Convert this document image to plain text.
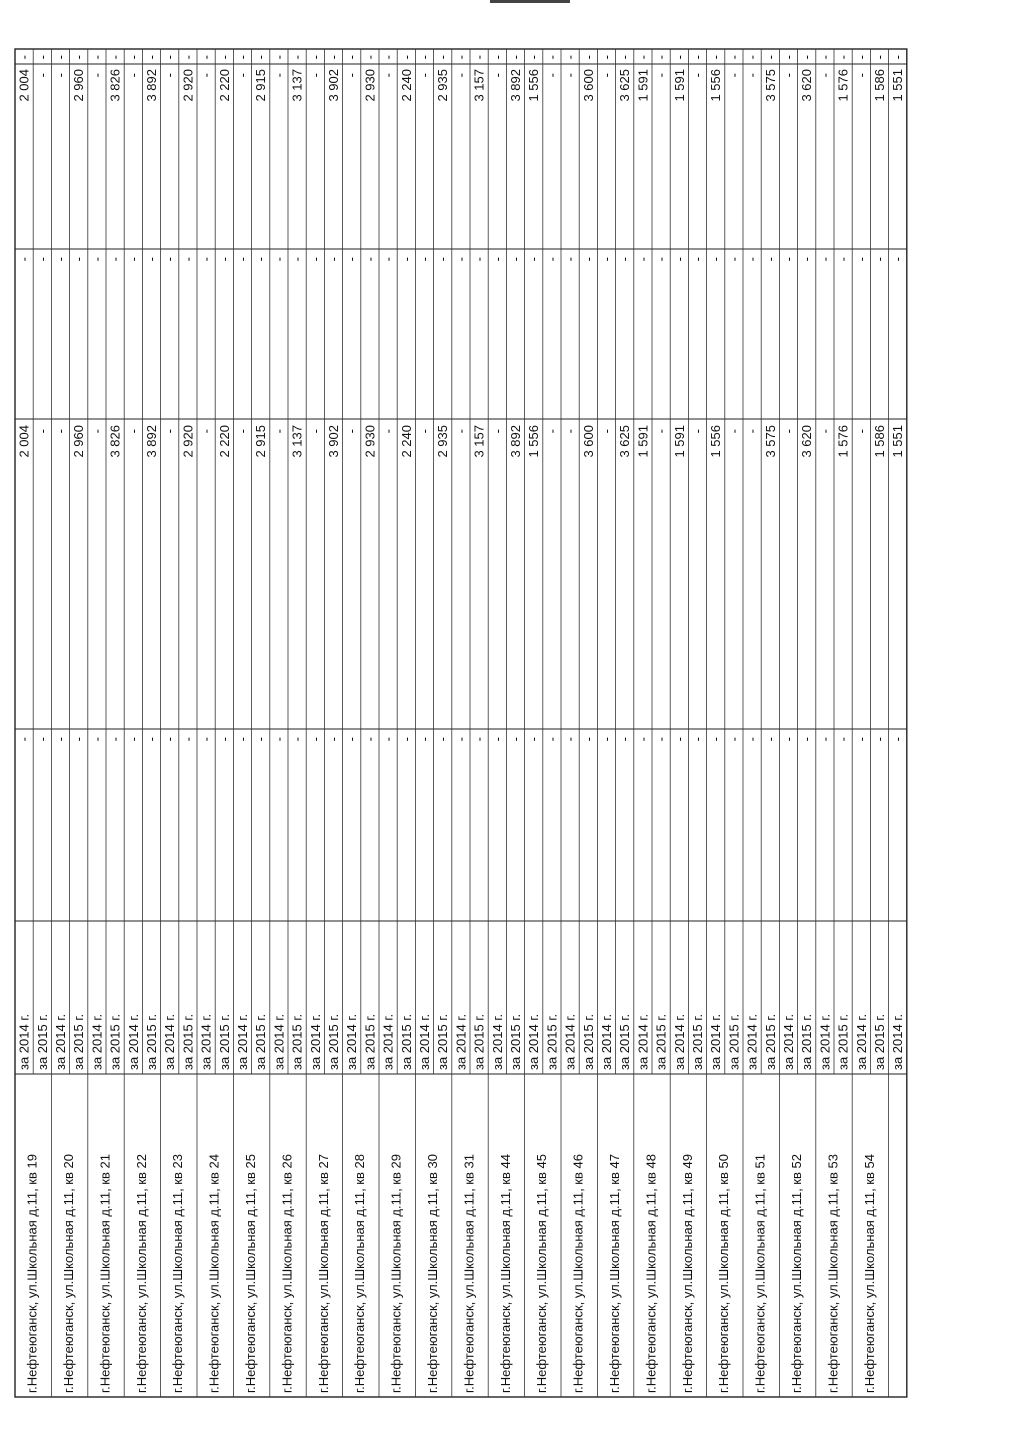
г.Нефтеюганск, ул.Школьная д.11, кв 19
за 2014 г.
-
2 004
-
2 004
-
за 2015 г.
-
-
-
-
-
г.Нефтеюганск, ул.Школьная д.11, кв 20
за 2014 г.
-
-
-
-
-
за 2015 г.
-
2 960
-
2 960
-
г.Нефтеюганск, ул.Школьная д.11, кв 21
за 2014 г.
-
-
-
-
-
за 2015 г.
-
3 826
-
3 826
-
г.Нефтеюганск, ул.Школьная д.11, кв 22
за 2014 г.
-
-
-
-
-
за 2015 г.
-
3 892
-
3 892
-
г.Нефтеюганск, ул.Школьная д.11, кв 23
за 2014 г.
-
-
-
-
-
за 2015 г.
-
2 920
-
2 920
-
г.Нефтеюганск, ул.Школьная д.11, кв 24
за 2014 г.
-
-
-
-
-
за 2015 г.
-
2 220
-
2 220
-
г.Нефтеюганск, ул.Школьная д.11, кв 25
за 2014 г.
-
-
-
-
-
за 2015 г.
-
2 915
-
2 915
-
г.Нефтеюганск, ул.Школьная д.11, кв 26
за 2014 г.
-
-
-
-
-
за 2015 г.
-
3 137
-
3 137
-
г.Нефтеюганск, ул.Школьная д.11, кв 27
за 2014 г.
-
-
-
-
-
за 2015 г.
-
3 902
-
3 902
-
г.Нефтеюганск, ул.Школьная д.11, кв 28
за 2014 г.
-
-
-
-
-
за 2015 г.
-
2 930
-
2 930
-
г.Нефтеюганск, ул.Школьная д.11, кв 29
за 2014 г.
-
-
-
-
-
за 2015 г.
-
2 240
-
2 240
-
г.Нефтеюганск, ул.Школьная д.11, кв 30
за 2014 г.
-
-
-
-
-
за 2015 г.
-
2 935
-
2 935
-
г.Нефтеюганск, ул.Школьная д.11, кв 31
за 2014 г.
-
-
-
-
-
за 2015 г.
-
3 157
-
3 157
-
г.Нефтеюганск, ул.Школьная д.11, кв 44
за 2014 г.
-
-
-
-
-
за 2015 г.
-
3 892
-
3 892
-
г.Нефтеюганск, ул.Школьная д.11, кв 45
за 2014 г.
-
1 556
-
1 556
-
за 2015 г.
-
-
-
-
-
г.Нефтеюганск, ул.Школьная д.11, кв 46
за 2014 г.
-
-
-
-
-
за 2015 г.
-
3 600
-
3 600
-
г.Нефтеюганск, ул.Школьная д.11, кв 47
за 2014 г.
-
-
-
-
-
за 2015 г.
-
3 625
-
3 625
-
г.Нефтеюганск, ул.Школьная д.11, кв 48
за 2014 г.
-
1 591
-
1 591
-
за 2015 г.
-
-
-
-
-
г.Нефтеюганск, ул.Школьная д.11, кв 49
за 2014 г.
-
1 591
-
1 591
-
за 2015 г.
-
-
-
-
-
г.Нефтеюганск, ул.Школьная д.11, кв 50
за 2014 г.
-
1 556
-
1 556
-
за 2015 г.
-
-
-
-
-
г.Нефтеюганск, ул.Школьная д.11, кв 51
за 2014 г.
-
-
-
-
-
за 2015 г.
-
3 575
-
3 575
-
г.Нефтеюганск, ул.Школьная д.11, кв 52
за 2014 г.
-
-
-
-
-
за 2015 г.
-
3 620
-
3 620
-
г.Нефтеюганск, ул.Школьная д.11, кв 53
за 2014 г.
-
-
-
-
-
за 2015 г.
-
1 576
-
1 576
-
г.Нефтеюганск, ул.Школьная д.11, кв 54
за 2014 г.
-
-
-
-
-
за 2015 г.
-
1 586
-
1 586
-
за 2014 г.
-
1 551
-
1 551
-
